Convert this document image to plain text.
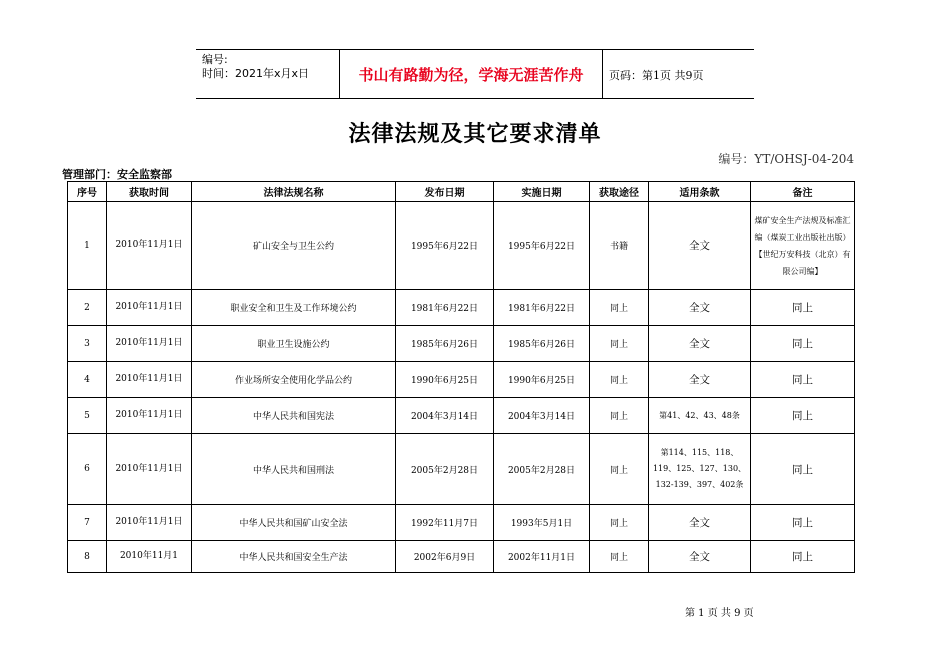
编号:
时间：2021年x月x日	书山有路勤为径，学海无涯苦作舟	页码：第1页 共9页
法律法规及其它要求清单
编号：YT/OHSJ-04-204
管理部门：安全监察部
序号	获取时间	法律法规名称	发布日期	实施日期	获取途径	适用条款	备注
1	2010年11月1日	矿山安全与卫生公约	1995年6月22日	1995年6月22日	书籍	全文	煤矿安全生产法规及标准汇编（煤炭工业出版社出版）【世纪万安科技（北京）有限公司编】
2	2010年11月1日	职业安全和卫生及工作环境公约	1981年6月22日	1981年6月22日	同上	全文	同上
3	2010年11月1日	职业卫生设施公约	1985年6月26日	1985年6月26日	同上	全文	同上
4	2010年11月1日	作业场所安全使用化学品公约	1990年6月25日	1990年6月25日	同上	全文	同上
5	2010年11月1日	中华人民共和国宪法	2004年3月14日	2004年3月14日	同上	第41、42、43、48条	同上
6	2010年11月1日	中华人民共和国刑法	2005年2月28日	2005年2月28日	同上	第114、115、118、119、125、127、130、132-139、397、402条	同上
7	2010年11月1日	中华人民共和国矿山安全法	1992年11月7日	1993年5月1日	同上	全文	同上
8	2010年11月1	中华人民共和国安全生产法	2002年6月9日	2002年11月1日	同上	全文	同上
第 1 页 共 9 页
